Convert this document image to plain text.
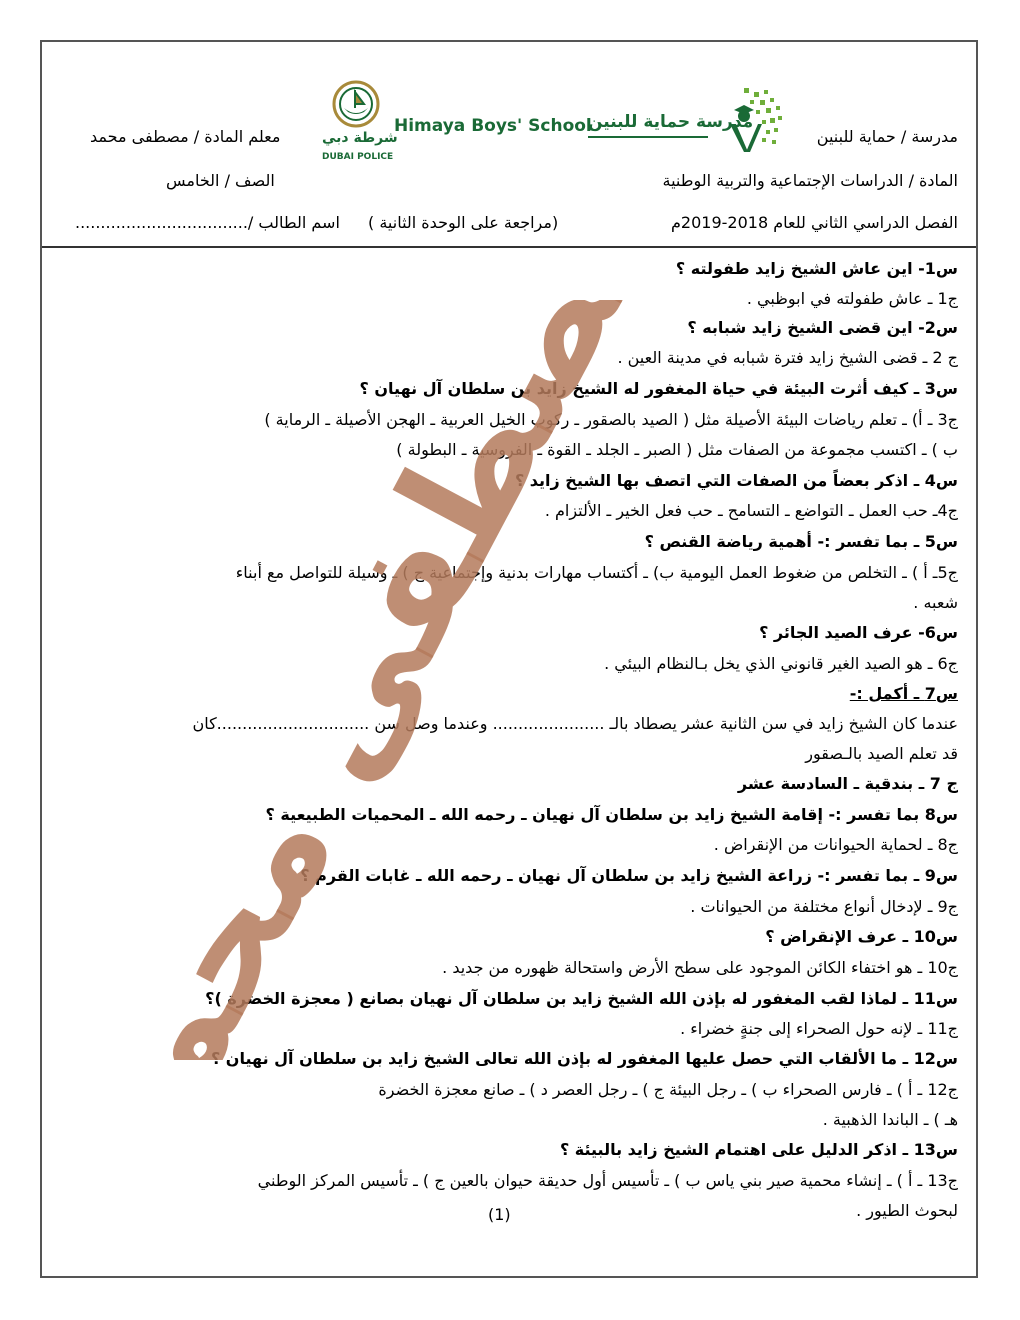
مدرسة / حماية للبنين
معلم المادة / مصطفى محمد
المادة / الدراسات الإجتماعية والتربية الوطنية
الصف / الخامس
الفصل الدراسي الثاني للعام 2018-2019م
(مراجعة على الوحدة الثانية )
اسم الطالب /..................................
مدرسة حماية للبنين
Himaya Boys' School
شرطة دبي
DUBAI POLICE
س1- اين عاش الشيخ زايد طفولته ؟
ج1 ـ عاش طفولته في ابوظبي .
س2- اين قضى الشيخ زايد شبابه ؟
ج 2 ـ قضى الشيخ زايد فترة شبابه في مدينة العين .
س3 ـ كيف أثرت البيئة في حياة المغفور له الشيخ زايد بن سلطان آل نهيان ؟
ج3 ـ أ) ـ تعلم رياضات البيئة الأصيلة مثل ( الصيد بالصقور ـ ركوب الخيل العربية ـ الهجن الأصيلة ـ الرماية )
ب ) ـ اكتسب مجموعة من الصفات مثل ( الصبر ـ الجلد ـ القوة ـ الفروسية ـ البطولة )
س4 ـ اذكر بعضاً من الصفات التي اتصف بها الشيخ زايد ؟
ج4ـ حب العمل ـ التواضع ـ التسامح ـ حب فعل الخير ـ الألتزام .
س5 ـ بما تفسر :- أهمية رياضة القنص ؟
ج5ـ أ ) ـ التخلص من ضغوط العمل اليومية ب) ـ أكتساب مهارات بدنية وإجتماعية ج ) ـ وسيلة للتواصل مع أبناء
شعبه .
س6- عرف الصيد الجائر ؟
ج6 ـ هو الصيد الغير قانوني الذي يخل بـالنظام البيئي .
س7 ـ أكمل :-
عندما كان الشيخ زايد في سن الثانية عشر يصطاد بالـ ...................... وعندما وصل سن ..............................كان
قد تعلم الصيد بالـصقور
ج 7 ـ بندقية ـ السادسة عشر
س8 بما تفسر :- إقامة الشيخ زايد بن سلطان آل نهيان ـ رحمه الله ـ المحميات الطبيعية ؟
ج8 ـ لحماية الحيوانات من الإنقراض .
س9 ـ بما تفسر :- زراعة الشيخ زايد بن سلطان آل نهيان ـ رحمه الله ـ غابات القرم ؟
ج9 ـ لإدخال أنواع مختلفة من الحيوانات .
س10 ـ عرف الإنقراض ؟
ج10 ـ هو اختفاء الكائن الموجود على سطح الأرض واستحالة ظهوره من جديد .
س11 ـ لماذا لقب المغفور له بإذن الله الشيخ زايد بن سلطان آل نهيان بصانع ( معجزة الخضرة )؟
ج11 ـ لإنه حول الصحراء إلى جنةٍ خضراء .
س12 ـ ما الألقاب التي حصل عليها المغفور له بإذن الله تعالى الشيخ زايد بن سلطان آل نهيان ؟
ج12 ـ أ ) ـ فارس الصحراء ب ) ـ رجل البيئة ج ) ـ رجل العصر د ) ـ صانع معجزة الخضرة
هـ ) ـ الباندا الذهبية .
س13 ـ اذكر الدليل على اهتمام الشيخ زايد بالبيئة ؟
ج13 ـ أ ) ـ إنشاء محمية صير بني ياس ب ) ـ تأسيس أول حديقة حيوان بالعين ج ) ـ تأسيس المركز الوطني
لبحوث الطيور .
(1)
مصطفى محمد
